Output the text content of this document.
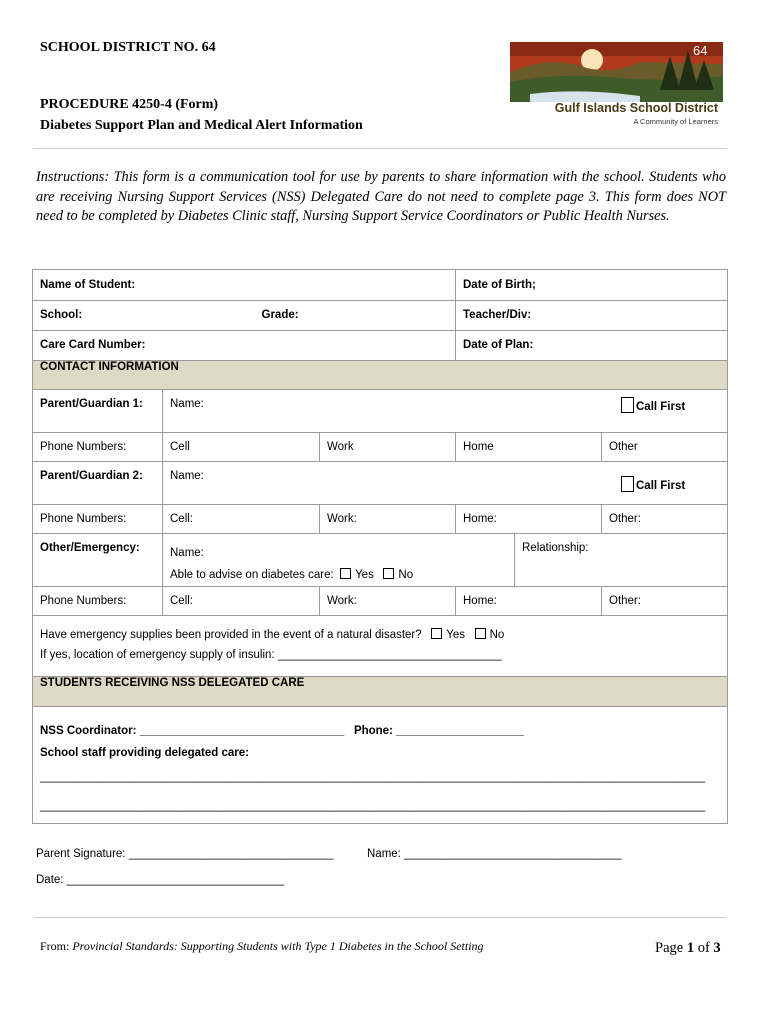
SCHOOL DISTRICT NO. 64
PROCEDURE 4250-4 (Form)
Diabetes Support Plan and Medical Alert Information
64
Gulf Islands School District
A Community of Learners
Instructions: This form is a communication tool for use by parents to share information with the school. Students who are receiving Nursing Support Services (NSS) Delegated Care do not need to complete page 3. This form does NOT need to be completed by Diabetes Clinic staff, Nursing Support Service Coordinators or Public Health Nurses.
Name of Student:			Date of Birth;		
School: Grade:			Teacher/Div:		
Care Card Number:			Date of Plan:		
CONTACT INFORMATION					
Parent/Guardian 1:	Name: Call First				

Phone Numbers:	Cell	Work	Home		Other
Parent/Guardian 2:	Name:
Call First				

Phone Numbers:	Cell:	Work:	Home:		Other:
Other/Emergency:	Name:
Able to advise on diabetes care: Yes No			Relationship:	
Phone Numbers:	Cell:	Work:	Home:		Other:

Have emergency supplies been provided in the event of a natural disaster? Yes No
If yes, location of emergency supply of insulin: ___________________________________					

STUDENTS RECEIVING NSS DELEGATED CARE					

NSS Coordinator: ________________________________ Phone: ____________________
School staff providing delegated care:
________________________________________________________________________________________________________
________________________________________________________________________________________________________					
Parent Signature: ________________________________	Name: __________________________________
Date: __________________________________
From: Provincial Standards: Supporting Students with Type 1 Diabetes in the School Setting	Page 1 of 3
